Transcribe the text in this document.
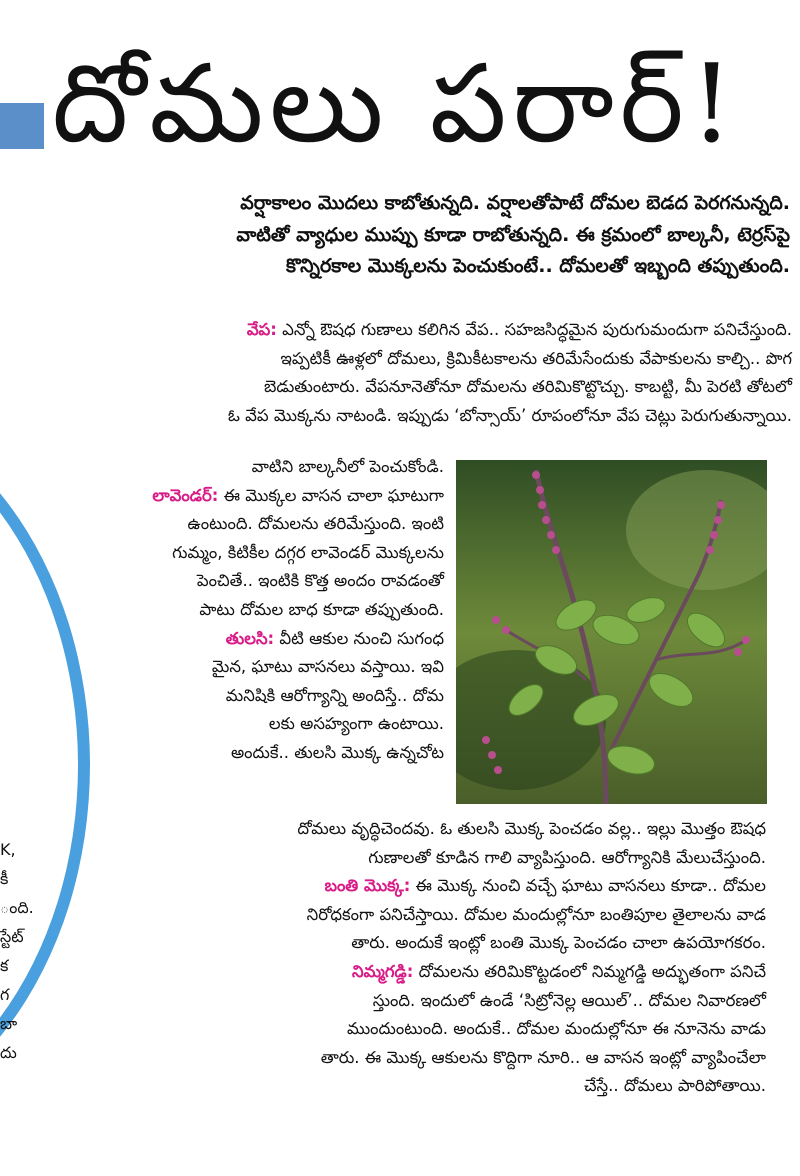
దోమలు పరార్‌!
వర్షాకాలం మొదలు కాబోతున్నది. వర్షాలతోపాటే దోమల బెడద పెరగనున్నది.
వాటితో వ్యాధుల ముప్పు కూడా రాబోతున్నది. ఈ క్రమంలో బాల్కనీ, టెర్రస్‌పై
కొన్నిరకాల మొక్కలను పెంచుకుంటే.. దోమలతో ఇబ్బంది తప్పుతుంది.
వేప: ఎన్నో ఔషధ గుణాలు కలిగిన వేప.. సహజసిద్ధమైన పురుగుమందుగా పనిచేస్తుంది.
ఇప్పటికీ ఊళ్లలో దోమలు, క్రిమికీటకాలను తరిమేసేందుకు వేపాకులను కాల్చి.. పొగ
బెడుతుంటారు. వేపనూనెతోనూ దోమలను తరిమికొట్టొచ్చు. కాబట్టి, మీ పెరటి తోటలో
ఓ వేప మొక్కను నాటండి. ఇప్పుడు ‘బోన్సాయ్‌’ రూపంలోనూ వేప చెట్లు పెరుగుతున్నాయి.
వాటిని బాల్కనీలో పెంచుకోండి.
లావెండర్‌: ఈ మొక్కల వాసన చాలా ఘాటుగా
ఉంటుంది. దోమలను తరిమేస్తుంది. ఇంటి
గుమ్మం, కిటికీల దగ్గర లావెండర్‌ మొక్కలను
పెంచితే.. ఇంటికి కొత్త అందం రావడంతో
పాటు దోమల బాధ కూడా తప్పుతుంది.
తులసి: వీటి ఆకుల నుంచి సుగంధ
మైన, ఘాటు వాసనలు వస్తాయి. ఇవి
మనిషికి ఆరోగ్యాన్ని అందిస్తే.. దోమ
లకు అసహ్యంగా ఉంటాయి.
అందుకే.. తులసి మొక్క ఉన్నచోట
దోమలు వృద్ధిచెందవు. ఓ తులసి మొక్క పెంచడం వల్ల.. ఇల్లు మొత్తం ఔషధ
గుణాలతో కూడిన గాలి వ్యాపిస్తుంది. ఆరోగ్యానికి మేలుచేస్తుంది.
బంతి మొక్క: ఈ మొక్క నుంచి వచ్చే ఘాటు వాసనలు కూడా.. దోమల
నిరోధకంగా పనిచేస్తాయి. దోమల మందుల్లోనూ బంతిపూల తైలాలను వాడ
తారు. అందుకే ఇంట్లో బంతి మొక్క పెంచడం చాలా ఉపయోగకరం.
నిమ్మగడ్డి: దోమలను తరిమికొట్టడంలో నిమ్మగడ్డి అద్భుతంగా పనిచే
స్తుంది. ఇందులో ఉండే ‘సిట్రోనెల్ల ఆయిల్‌’.. దోమల నివారణలో
ముందుంటుంది. అందుకే.. దోమల మందుల్లోనూ ఈ నూనెను వాడు
తారు. ఈ మొక్క ఆకులను కొద్దిగా నూరి.. ఆ వాసన ఇంట్లో వ్యాపించేలా
చేస్తే.. దోమలు పారిపోతాయి.
K,
కీ
ంది.
స్టేట్
క
గ
బా
దు
